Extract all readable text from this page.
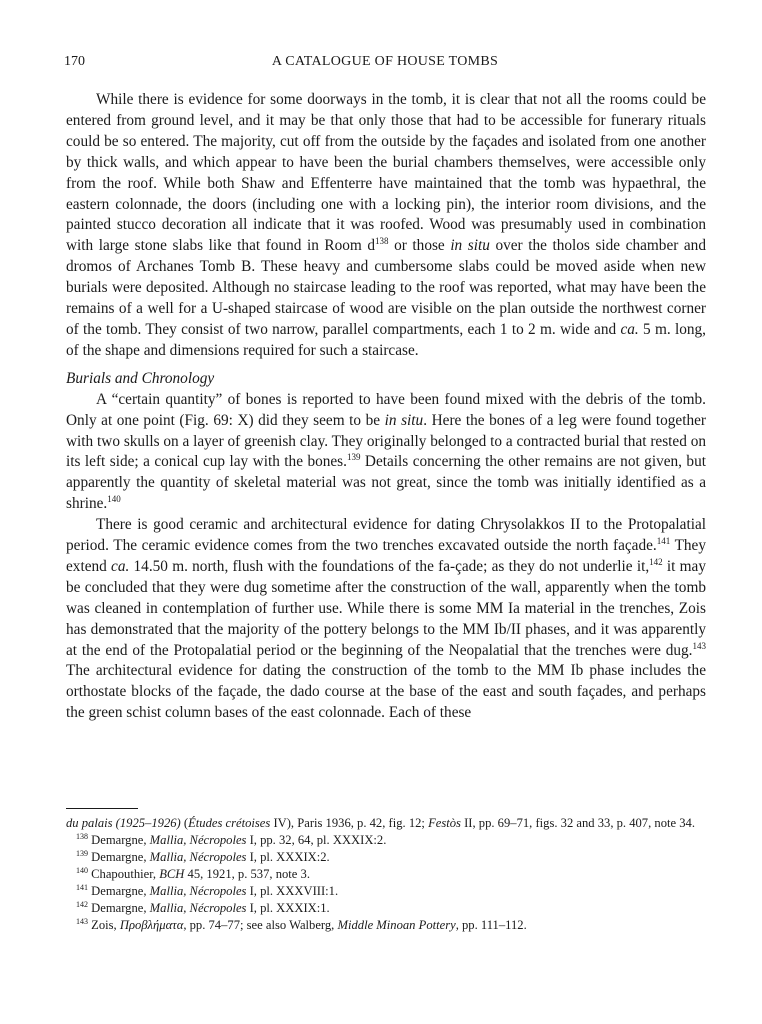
170	A CATALOGUE OF HOUSE TOMBS

While there is evidence for some doorways in the tomb, it is clear that not all the rooms could be entered from ground level, and it may be that only those that had to be accessible for funerary rituals could be so entered. The majority, cut off from the outside by the façades and isolated from one another by thick walls, and which appear to have been the burial chambers themselves, were accessible only from the roof. While both Shaw and Effenterre have maintained that the tomb was hypaethral, the eastern colonnade, the doors (including one with a locking pin), the interior room divisions, and the painted stucco decoration all indicate that it was roofed. Wood was presumably used in combination with large stone slabs like that found in Room $d^{138}$ or those in situ over the tholos side chamber and dromos of Archanes Tomb B. These heavy and cumbersome slabs could be moved aside when new burials were deposited. Although no staircase leading to the roof was reported, what may have been the remains of a well for a U-shaped staircase of wood are visible on the plan outside the northwest corner of the tomb. They consist of two narrow, parallel compartments, each 1 to 2 m. wide and ca. 5 m. long, of the shape and dimensions required for such a staircase.

Burials and Chronology

A “certain quantity” of bones is reported to have been found mixed with the debris of the tomb. Only at one point (Fig. 69: X) did they seem to be in situ. Here the bones of a leg were found together with two skulls on a layer of greenish clay. They originally belonged to a contracted burial that rested on its left side; a conical cup lay with the bones.$^{139}$ Details concerning the other remains are not given, but apparently the quantity of skeletal material was not great, since the tomb was initially identified as a shrine.$^{140}$

There is good ceramic and architectural evidence for dating Chrysolakkos II to the Protopalatial period. The ceramic evidence comes from the two trenches excavated outside the north façade.$^{141}$ They extend ca. 14.50 m. north, flush with the foundations of the fa-çade; as they do not underlie it,$^{142}$ it may be concluded that they were dug sometime after the construction of the wall, apparently when the tomb was cleaned in contemplation of further use. While there is some MM Ia material in the trenches, Zois has demonstrated that the majority of the pottery belongs to the MM Ib/II phases, and it was apparently at the end of the Protopalatial period or the beginning of the Neopalatial that the trenches were dug.$^{143}$ The architectural evidence for dating the construction of the tomb to the MM Ib phase includes the orthostate blocks of the façade, the dado course at the base of the east and south façades, and perhaps the green schist column bases of the east colonnade. Each of these

du palais (1925–1926) (Études crétoises IV), Paris 1936, p. 42, fig. 12; Festòs II, pp. 69–71, figs. 32 and 33, p. 407, note 34.

$^{138}$ Demargne, Mallia, Nécropoles I, pp. 32, 64, pl. XXXIX:2.

$^{139}$ Demargne, Mallia, Nécropoles I, pl. XXXIX:2.

$^{140}$ Chapouthier, BCH 45, 1921, p. 537, note 3.

$^{141}$ Demargne, Mallia, Nécropoles I, pl. XXXVIII:1.

$^{142}$ Demargne, Mallia, Nécropoles I, pl. XXXIX:1.

$^{143}$ Zois, Προβλήματα, pp. 74–77; see also Walberg, Middle Minoan Pottery, pp. 111–112.
